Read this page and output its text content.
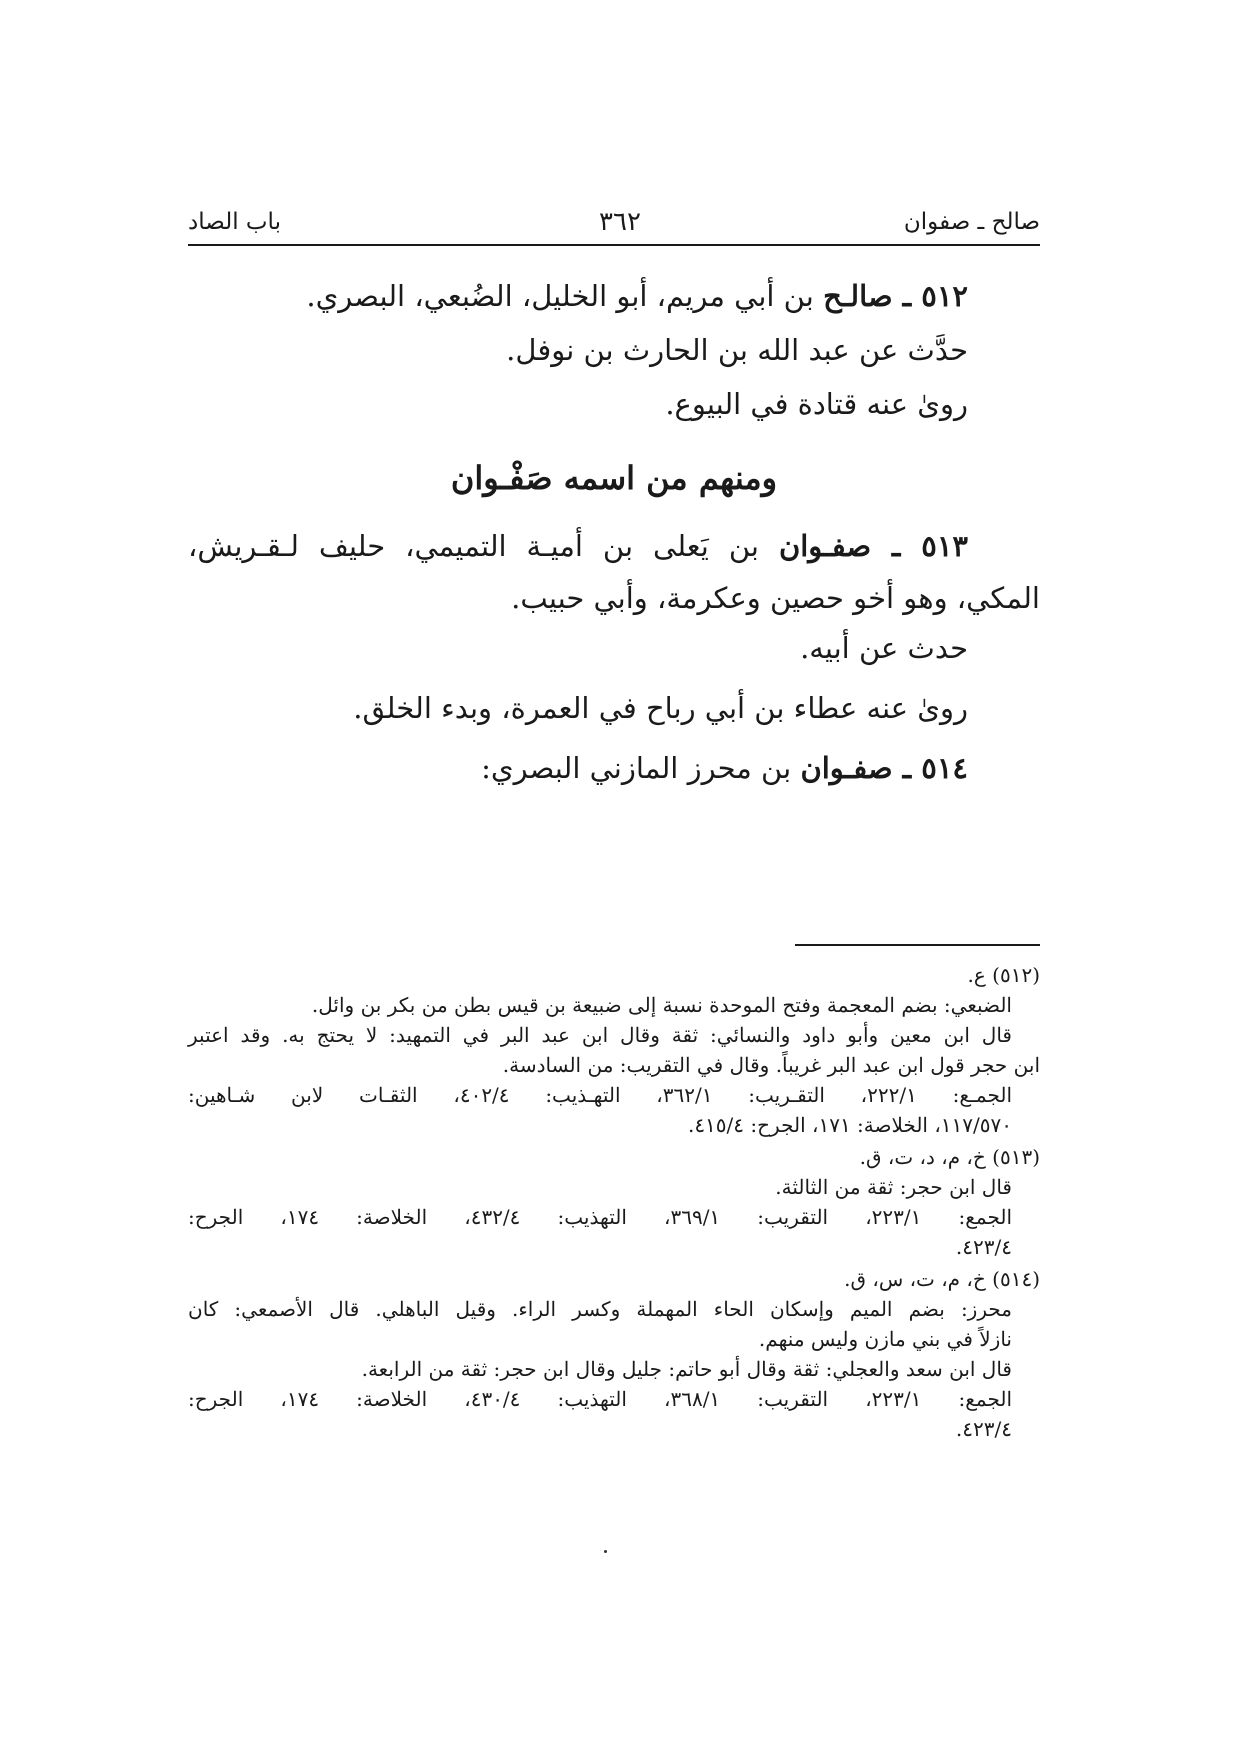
صالح ـ صفوان
٣٦٢
باب الصاد
٥١٢ ـ صالـح بن أبي مريم، أبو الخليل، الضُبعي، البصري.
حدَّث عن عبد الله بن الحارث بن نوفل.
روىٰ عنه قتادة في البيوع.
ومنهم من اسمه صَفْـوان
٥١٣ ـ صفـوان بن يَعلى بن أميـة التميمي، حليف لـقـريش،
المكي، وهو أخو حصين وعكرمة، وأبي حبيب.
حدث عن أبيه.
روىٰ عنه عطاء بن أبي رباح في العمرة، وبدء الخلق.
٥١٤ ـ صفـوان بن محرز المازني البصري:
(٥١٢) ع.
الضبعي: بضم المعجمة وفتح الموحدة نسبة إلى ضبيعة بن قيس بطن من بكر بن وائل.
قال ابن معين وأبو داود والنسائي: ثقة وقال ابن عبد البر في التمهيد: لا يحتج به. وقد اعتبر
ابن حجر قول ابن عبد البر غريباً. وقال في التقريب: من السادسة.
الجمـع: ٢٢٢/١، التقـريب: ٣٦٢/١، التهـذيب: ٤٠٢/٤، الثقـات لابن شـاهين:
١١٧/٥٧٠، الخلاصة: ١٧١، الجرح: ٤١٥/٤.
(٥١٣) خ، م، د، ت، ق.
قال ابن حجر: ثقة من الثالثة.
الجمع: ٢٢٣/١، التقريب: ٣٦٩/١، التهذيب: ٤٣٢/٤، الخلاصة: ١٧٤، الجرح:
٤٢٣/٤.
(٥١٤) خ، م، ت، س، ق.
محرز: بضم الميم وإسكان الحاء المهملة وكسر الراء. وقيل الباهلي. قال الأصمعي: كان
نازلاً في بني مازن وليس منهم.
قال ابن سعد والعجلي: ثقة وقال أبو حاتم: جليل وقال ابن حجر: ثقة من الرابعة.
الجمع: ٢٢٣/١، التقريب: ٣٦٨/١، التهذيب: ٤٣٠/٤، الخلاصة: ١٧٤، الجرح:
٤٢٣/٤.
